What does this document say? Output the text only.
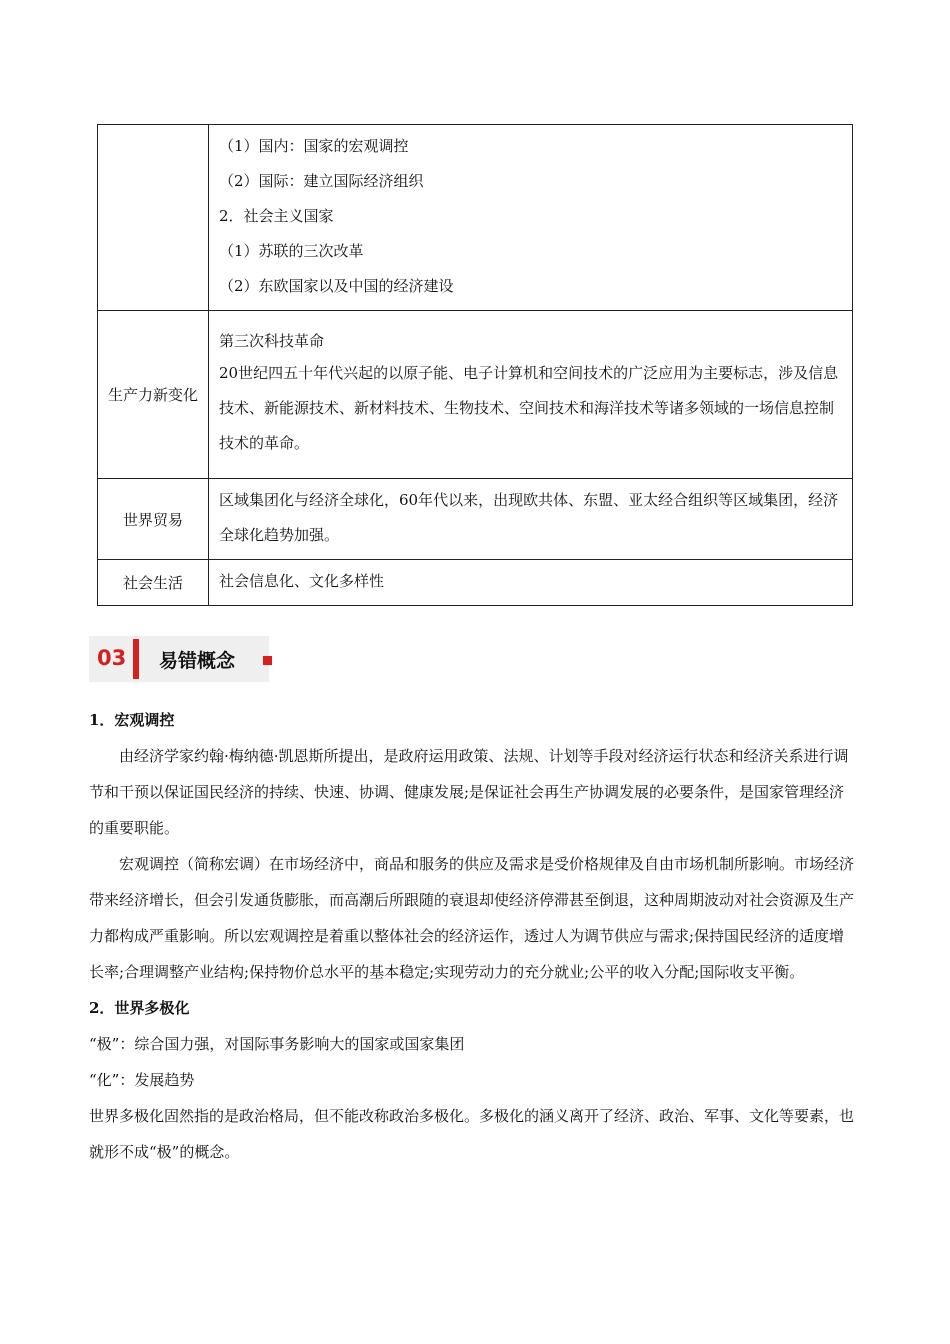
	（1）国内：国家的宏观调控
（2）国际：建立国际经济组织
2．社会主义国家
（1）苏联的三次改革
（2）东欧国家以及中国的经济建设

生产力新变化	第三次科技革命
20世纪四五十年代兴起的以原子能、电子计算机和空间技术的广泛应用为主要标志，涉及信息技术、新能源技术、新材料技术、生物技术、空间技术和海洋技术等诸多领域的一场信息控制技术的革命。

世界贸易	区域集团化与经济全球化，60年代以来，出现欧共体、东盟、亚太经合组织等区域集团，经济全球化趋势加强。

社会生活	社会信息化、文化多样性
03 易错概念

1．宏观调控

由经济学家约翰·梅纳德·凯恩斯所提出，是政府运用政策、法规、计划等手段对经济运行状态和经济关系进行调节和干预以保证国民经济的持续、快速、协调、健康发展;是保证社会再生产协调发展的必要条件，是国家管理经济的重要职能。

宏观调控（简称宏调）在市场经济中，商品和服务的供应及需求是受价格规律及自由市场机制所影响。市场经济带来经济增长，但会引发通货膨胀，而高潮后所跟随的衰退却使经济停滞甚至倒退，这种周期波动对社会资源及生产力都构成严重影响。所以宏观调控是着重以整体社会的经济运作，透过人为调节供应与需求;保持国民经济的适度增长率;合理调整产业结构;保持物价总水平的基本稳定;实现劳动力的充分就业;公平的收入分配;国际收支平衡。

2．世界多极化

“极”：综合国力强，对国际事务影响大的国家或国家集团

“化”：发展趋势

世界多极化固然指的是政治格局，但不能改称政治多极化。多极化的涵义离开了经济、政治、军事、文化等要素，也就形不成“极”的概念。
